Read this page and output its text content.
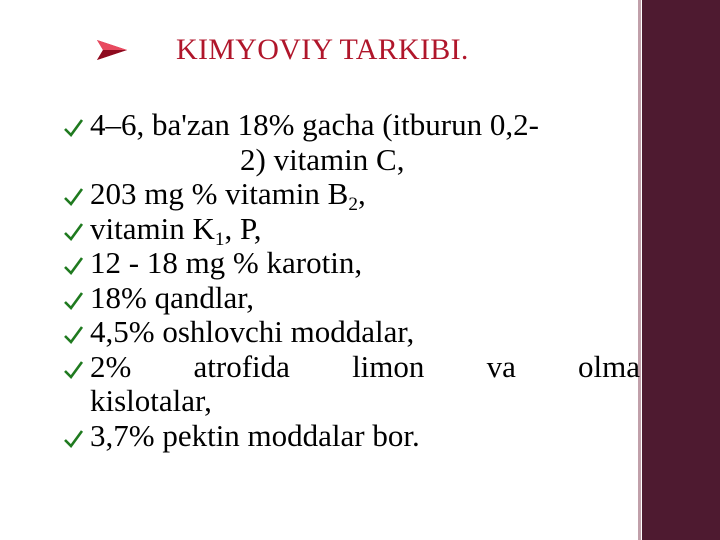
KIMYOVIY TARKIBI.
4–6, ba'zan 18% gacha (itburun 0,2-
2) vitamin C,
203 mg % vitamin $B_2$,
vitamin $K_1$, P,
12 - 18 mg % karotin,
18% qandlar,
4,5% oshlovchi moddalar,
2%      atrofida      limon      va      olma
kislotalar,
3,7% pektin moddalar bor.
